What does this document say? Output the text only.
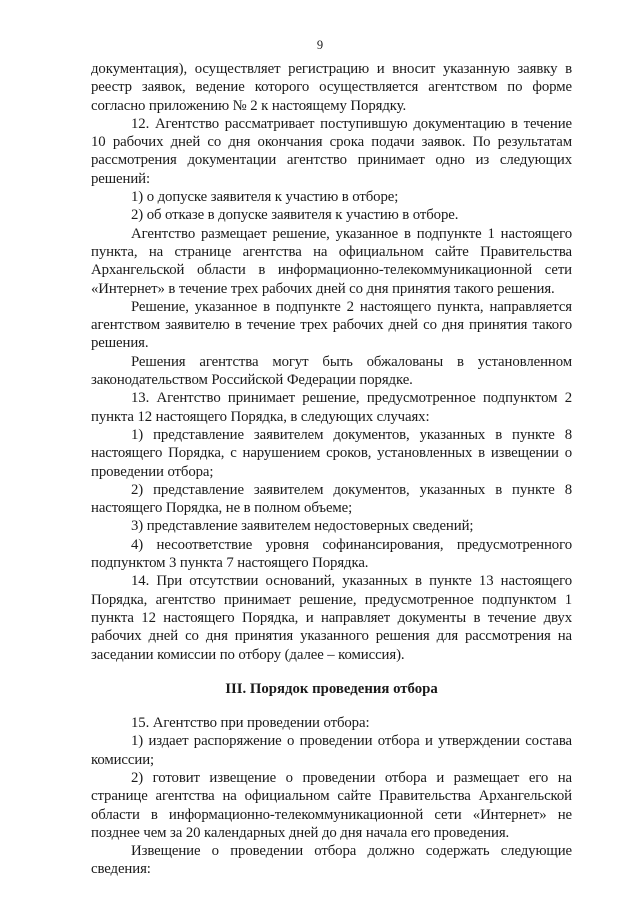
9

документация), осуществляет регистрацию и вносит указанную заявку в реестр заявок, ведение которого осуществляется агентством по форме согласно приложению № 2 к настоящему Порядку.

12. Агентство рассматривает поступившую документацию в течение 10 рабочих дней со дня окончания срока подачи заявок. По результатам рассмотрения документации агентство принимает одно из следующих решений:

1) о допуске заявителя к участию в отборе;

2) об отказе в допуске заявителя к участию в отборе.

Агентство размещает решение, указанное в подпункте 1 настоящего пункта, на странице агентства на официальном сайте Правительства Архангельской области в информационно-телекоммуникационной сети «Интернет» в течение трех рабочих дней со дня принятия такого решения.

Решение, указанное в подпункте 2 настоящего пункта, направляется агентством заявителю в течение трех рабочих дней со дня принятия такого решения.

Решения агентства могут быть обжалованы в установленном законодательством Российской Федерации порядке.

13. Агентство принимает решение, предусмотренное подпунктом 2 пункта 12 настоящего Порядка, в следующих случаях:

1) представление заявителем документов, указанных в пункте 8 настоящего Порядка, с нарушением сроков, установленных в извещении о проведении отбора;

2) представление заявителем документов, указанных в пункте 8 настоящего Порядка, не в полном объеме;

3) представление заявителем недостоверных сведений;

4) несоответствие уровня софинансирования, предусмотренного подпунктом 3 пункта 7 настоящего Порядка.

14. При отсутствии оснований, указанных в пункте 13 настоящего Порядка, агентство принимает решение, предусмотренное подпунктом 1 пункта 12 настоящего Порядка, и направляет документы в течение двух рабочих дней со дня принятия указанного решения для рассмотрения на заседании комиссии по отбору (далее – комиссия).

III. Порядок проведения отбора

15. Агентство при проведении отбора:

1) издает распоряжение о проведении отбора и утверждении состава комиссии;

2) готовит извещение о проведении отбора и размещает его на странице агентства на официальном сайте Правительства Архангельской области в информационно-телекоммуникационной сети «Интернет» не позднее чем за 20 календарных дней до дня начала его проведения.

Извещение о проведении отбора должно содержать следующие сведения:
